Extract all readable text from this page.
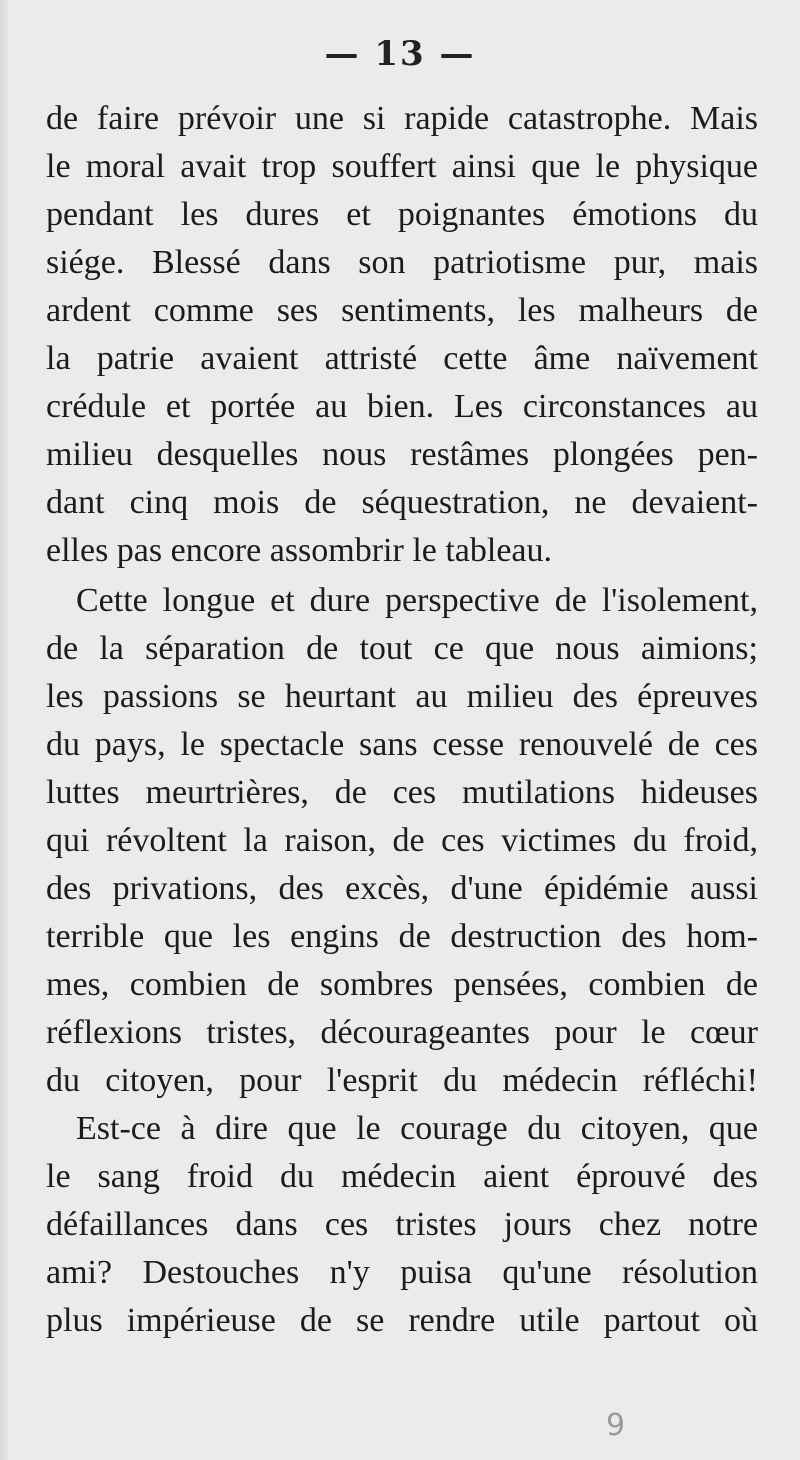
— 13 —

de faire prévoir une si rapide catastrophe. Mais

le moral avait trop souffert ainsi que le physique

pendant les dures et poignantes émotions du

siége. Blessé dans son patriotisme pur, mais

ardent comme ses sentiments, les malheurs de

la patrie avaient attristé cette âme naïvement

crédule et portée au bien. Les circonstances au

milieu desquelles nous restâmes plongées pen-

dant cinq mois de séquestration, ne devaient-

elles pas encore assombrir le tableau.

Cette longue et dure perspective de l'isolement,

de la séparation de tout ce que nous aimions;

les passions se heurtant au milieu des épreuves

du pays, le spectacle sans cesse renouvelé de ces

luttes meurtrières, de ces mutilations hideuses

qui révoltent la raison, de ces victimes du froid,

des privations, des excès, d'une épidémie aussi

terrible que les engins de destruction des hom-

mes, combien de sombres pensées, combien de

réflexions tristes, décourageantes pour le cœur

du citoyen, pour l'esprit du médecin réfléchi!

Est-ce à dire que le courage du citoyen, que

le sang froid du médecin aient éprouvé des

défaillances dans ces tristes jours chez notre

ami? Destouches n'y puisa qu'une résolution

plus impérieuse de se rendre utile partout où

9
